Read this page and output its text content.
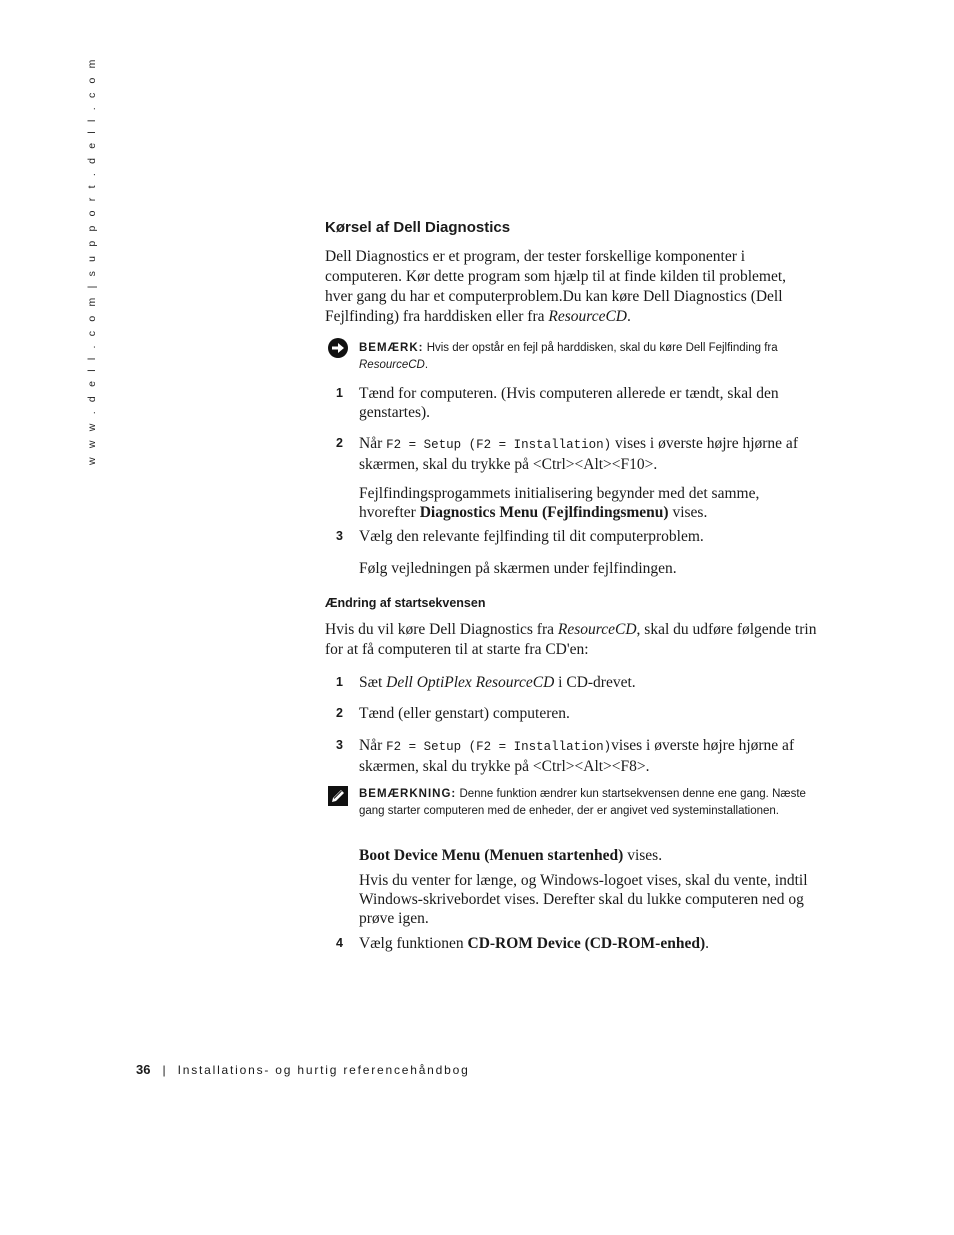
w w w . d e l l . c o m | s u p p o r t . d e l l . c o m	Kørsel af Dell Diagnostics

Dell Diagnostics er et program, der tester forskellige komponenter i computeren. Kør dette program som hjælp til at finde kilden til problemet, hver gang du har et computerproblem.Du kan køre Dell Diagnostics (Dell Fejlfinding) fra harddisken eller fra ResourceCD.

BEMÆRK: Hvis der opstår en fejl på harddisken, skal du køre Dell Fejlfinding fra ResourceCD.

1 Tænd for computeren. (Hvis computeren allerede er tændt, skal den genstartes).

2 Når F2 = Setup (F2 = Installation) vises i øverste højre hjørne af skærmen, skal du trykke på <Ctrl><Alt><F10>.

Fejlfindingsprogammets initialisering begynder med det samme, hvorefter Diagnostics Menu (Fejlfindingsmenu) vises.

3 Vælg den relevante fejlfinding til dit computerproblem.

Følg vejledningen på skærmen under fejlfindingen.

Ændring af startsekvensen

Hvis du vil køre Dell Diagnostics fra ResourceCD, skal du udføre følgende trin for at få computeren til at starte fra CD'en:

1 Sæt Dell OptiPlex ResourceCD i CD-drevet.

2 Tænd (eller genstart) computeren.

3 Når F2 = Setup (F2 = Installation)vises i øverste højre hjørne af skærmen, skal du trykke på <Ctrl><Alt><F8>.

BEMÆRKNING: Denne funktion ændrer kun startsekvensen denne ene gang. Næste gang starter computeren med de enheder, der er angivet ved systeminstallationen.

Boot Device Menu (Menuen startenhed) vises.

Hvis du venter for længe, og Windows-logoet vises, skal du vente, indtil Windows-skrivebordet vises. Derefter skal du lukke computeren ned og prøve igen.

4 Vælg funktionen CD-ROM Device (CD-ROM-enhed).

36 | Installations- og hurtig referencehåndbog
